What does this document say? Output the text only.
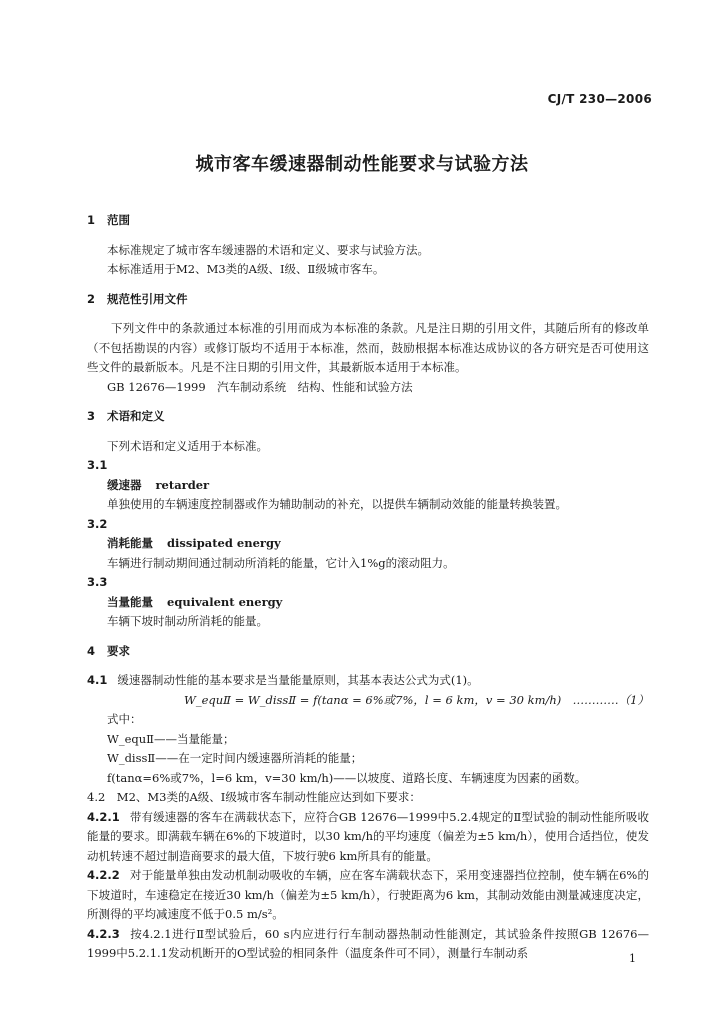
CJ/T 230—2006
城市客车缓速器制动性能要求与试验方法
1 范围
本标准规定了城市客车缓速器的术语和定义、要求与试验方法。
本标准适用于M2、M3类的A级、Ⅰ级、Ⅱ级城市客车。
2 规范性引用文件
下列文件中的条款通过本标准的引用而成为本标准的条款。凡是注日期的引用文件，其随后所有的修改单（不包括勘误的内容）或修订版均不适用于本标准，然而，鼓励根据本标准达成协议的各方研究是否可使用这些文件的最新版本。凡是不注日期的引用文件，其最新版本适用于本标准。
GB 12676—1999　汽车制动系统　结构、性能和试验方法
3 术语和定义
下列术语和定义适用于本标准。
3.1
缓速器 retarder
单独使用的车辆速度控制器或作为辅助制动的补充，以提供车辆制动效能的能量转换装置。
3.2
消耗能量 dissipated energy
车辆进行制动期间通过制动所消耗的能量，它计入1%g的滚动阻力。
3.3
当量能量 equivalent energy
车辆下坡时制动所消耗的能量。
4 要求
4.1 缓速器制动性能的基本要求是当量能量原则，其基本表达公式为式(1)。
W_equⅡ = W_dissⅡ = f(tanα = 6%或7%，l = 6 km，v = 30 km/h) …………（1）
式中：
W_equⅡ——当量能量；
W_dissⅡ——在一定时间内缓速器所消耗的能量；
f(tanα=6%或7%，l=6 km，v=30 km/h)——以坡度、道路长度、车辆速度为因素的函数。
4.2　M2、M3类的A级、Ⅰ级城市客车制动性能应达到如下要求：
4.2.1 带有缓速器的客车在满载状态下，应符合GB 12676—1999中5.2.4规定的Ⅱ型试验的制动性能所吸收能量的要求。即满载车辆在6%的下坡道时，以30 km/h的平均速度（偏差为±5 km/h），使用合适挡位，使发动机转速不超过制造商要求的最大值，下坡行驶6 km所具有的能量。
4.2.2 对于能量单独由发动机制动吸收的车辆，应在客车满载状态下，采用变速器挡位控制，使车辆在6%的下坡道时，车速稳定在接近30 km/h（偏差为±5 km/h），行驶距离为6 km，其制动效能由测量减速度决定，所测得的平均减速度不低于0.5 m/s²。
4.2.3 按4.2.1进行Ⅱ型试验后，60 s内应进行行车制动器热制动性能测定，其试验条件按照GB 12676—1999中5.2.1.1发动机断开的O型试验的相同条件（温度条件可不同），测量行车制动系	1
